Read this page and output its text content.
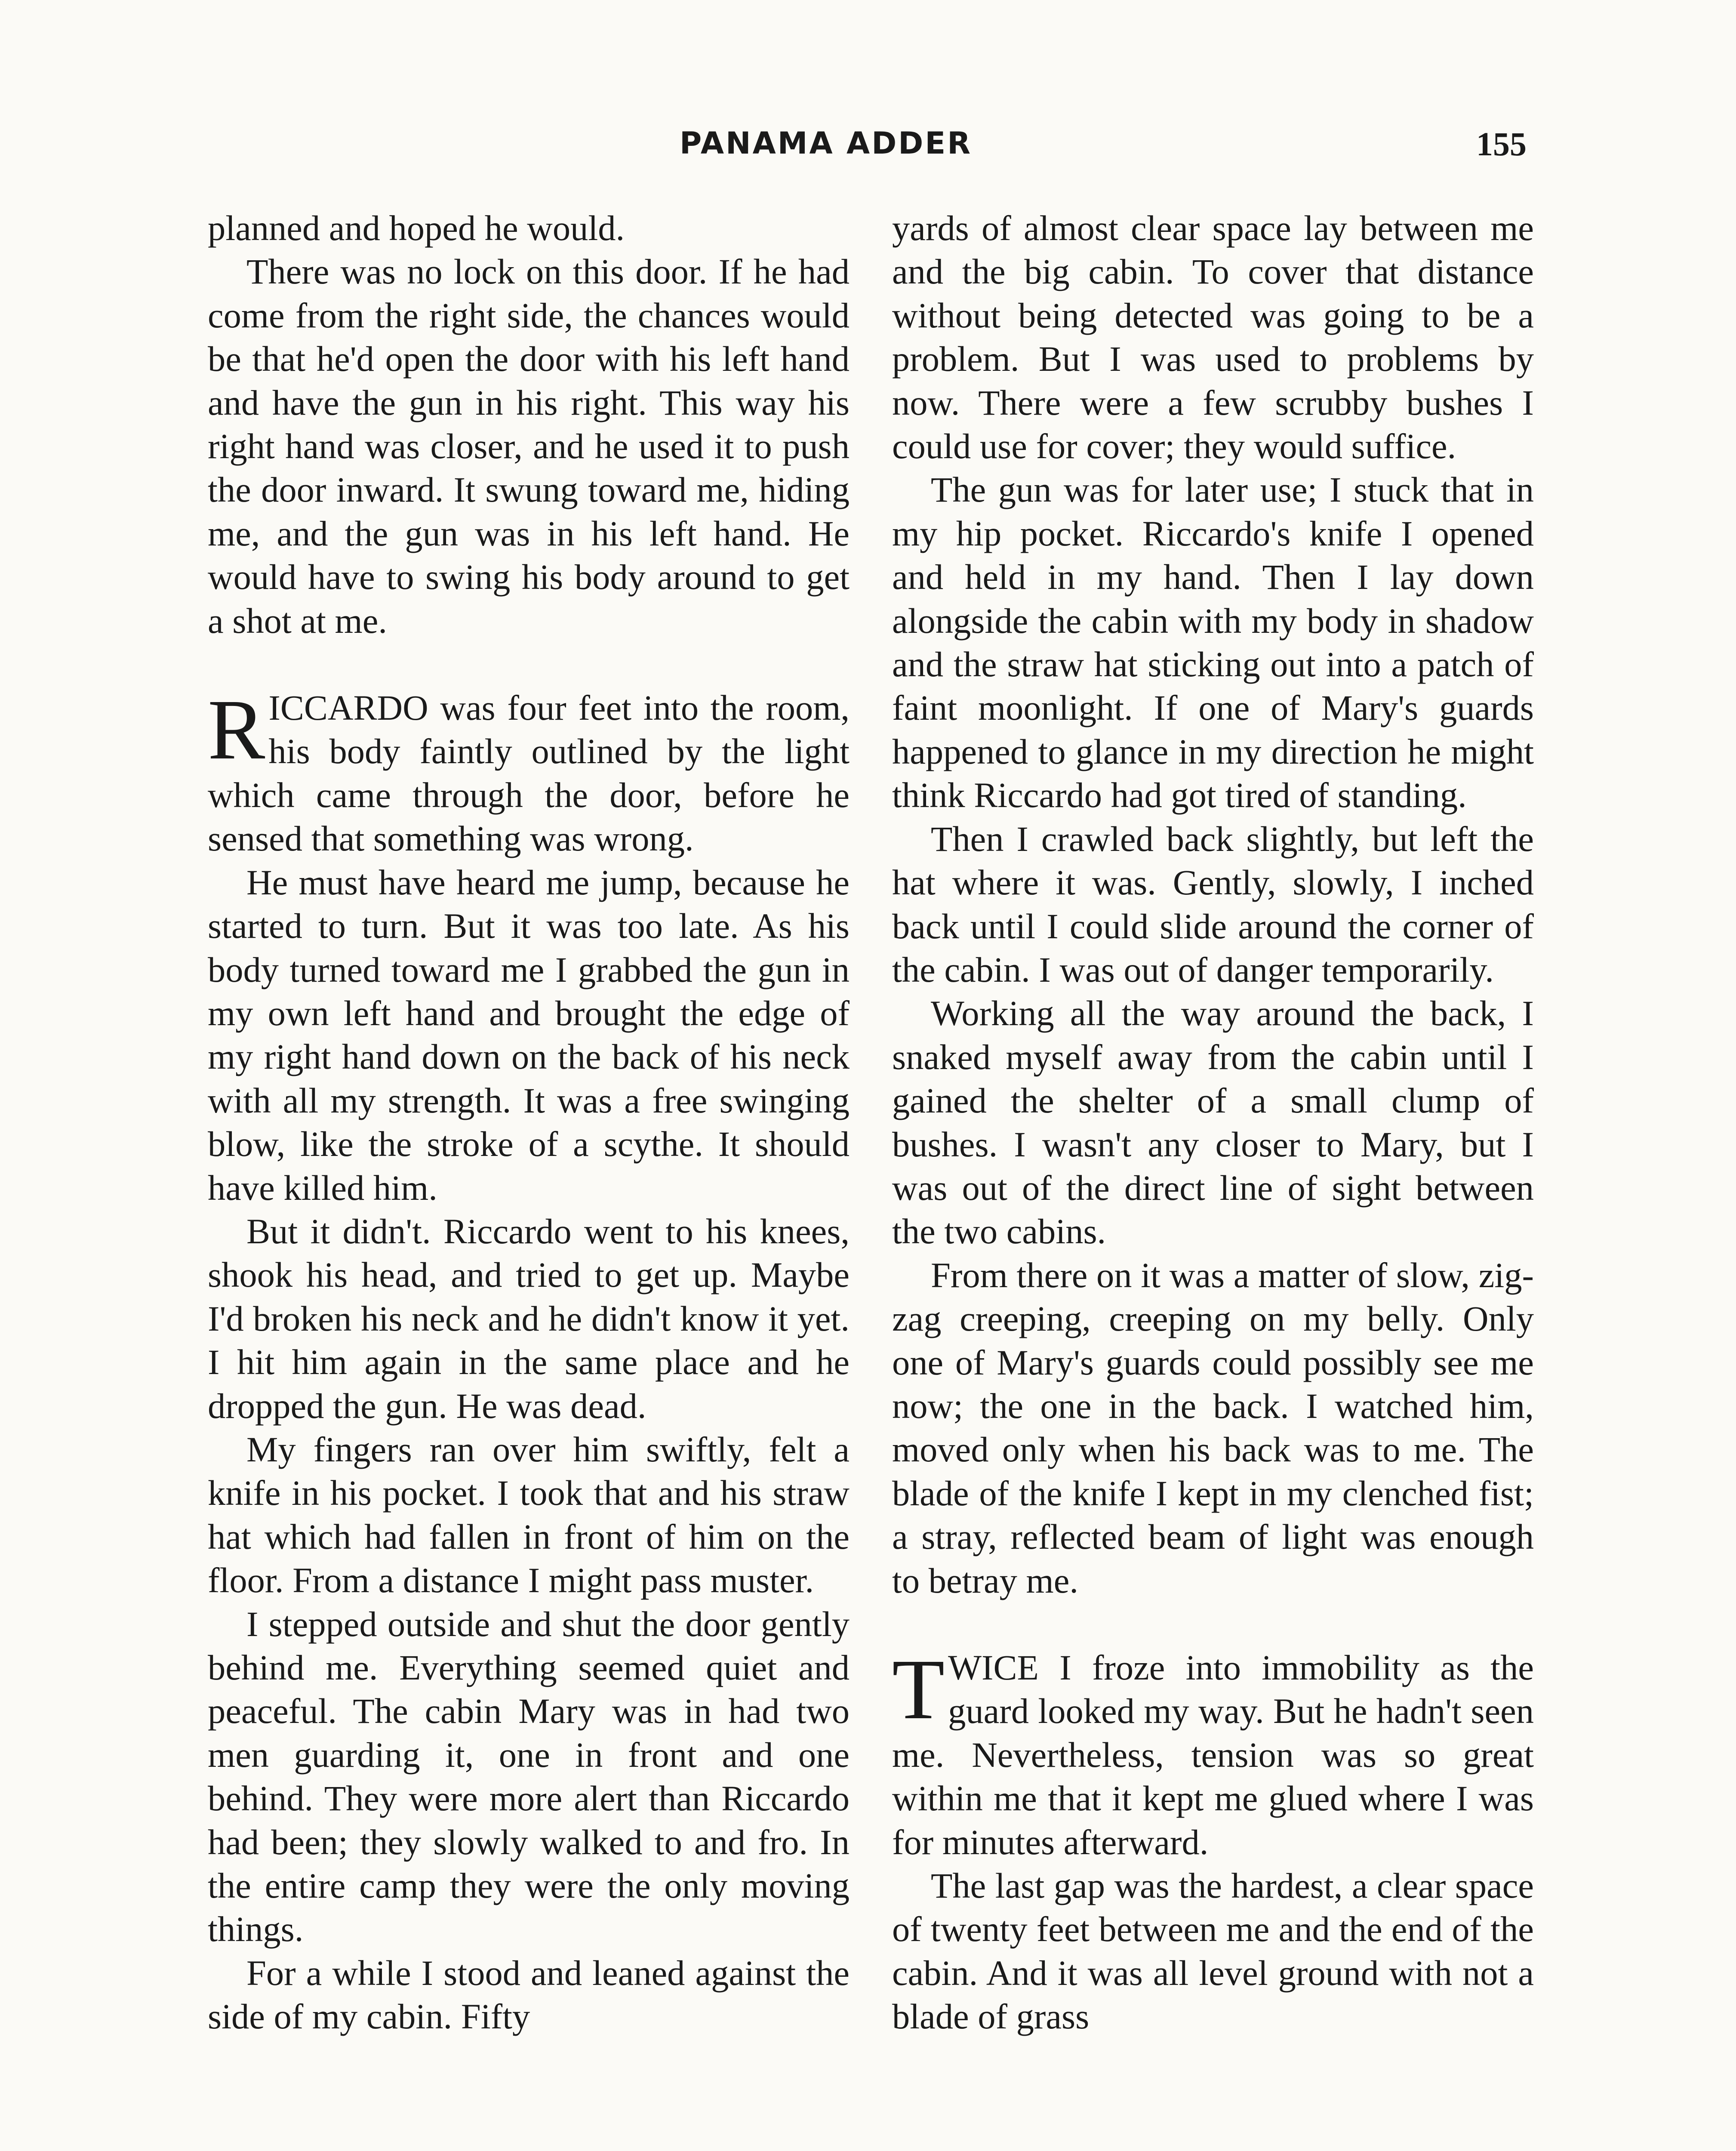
PANAMA ADDER	155

planned and hoped he would.

There was no lock on this door. If he had come from the right side, the chances would be that he'd open the door with his left hand and have the gun in his right. This way his right hand was closer, and he used it to push the door inward. It swung toward me, hiding me, and the gun was in his left hand. He would have to swing his body around to get a shot at me.

RICCARDO was four feet into the room, his body faintly outlined by the light which came through the door, before he sensed that something was wrong.

He must have heard me jump, because he started to turn. But it was too late. As his body turned toward me I grabbed the gun in my own left hand and brought the edge of my right hand down on the back of his neck with all my strength. It was a free swinging blow, like the stroke of a scythe. It should have killed him.

But it didn't. Riccardo went to his knees, shook his head, and tried to get up. Maybe I'd broken his neck and he didn't know it yet. I hit him again in the same place and he dropped the gun. He was dead.

My fingers ran over him swiftly, felt a knife in his pocket. I took that and his straw hat which had fallen in front of him on the floor. From a distance I might pass muster.

I stepped outside and shut the door gently behind me. Everything seemed quiet and peaceful. The cabin Mary was in had two men guarding it, one in front and one behind. They were more alert than Riccardo had been; they slowly walked to and fro. In the entire camp they were the only moving things.

For a while I stood and leaned against the side of my cabin. Fifty

yards of almost clear space lay between me and the big cabin. To cover that distance without being detected was going to be a problem. But I was used to problems by now. There were a few scrubby bushes I could use for cover; they would suffice.

The gun was for later use; I stuck that in my hip pocket. Riccardo's knife I opened and held in my hand. Then I lay down alongside the cabin with my body in shadow and the straw hat sticking out into a patch of faint moonlight. If one of Mary's guards happened to glance in my direction he might think Riccardo had got tired of standing.

Then I crawled back slightly, but left the hat where it was. Gently, slowly, I inched back until I could slide around the corner of the cabin. I was out of danger temporarily.

Working all the way around the back, I snaked myself away from the cabin until I gained the shelter of a small clump of bushes. I wasn't any closer to Mary, but I was out of the direct line of sight between the two cabins.

From there on it was a matter of slow, zig-zag creeping, creeping on my belly. Only one of Mary's guards could possibly see me now; the one in the back. I watched him, moved only when his back was to me. The blade of the knife I kept in my clenched fist; a stray, reflected beam of light was enough to betray me.

TWICE I froze into immobility as the guard looked my way. But he hadn't seen me. Nevertheless, tension was so great within me that it kept me glued where I was for minutes afterward.

The last gap was the hardest, a clear space of twenty feet between me and the end of the cabin. And it was all level ground with not a blade of grass
